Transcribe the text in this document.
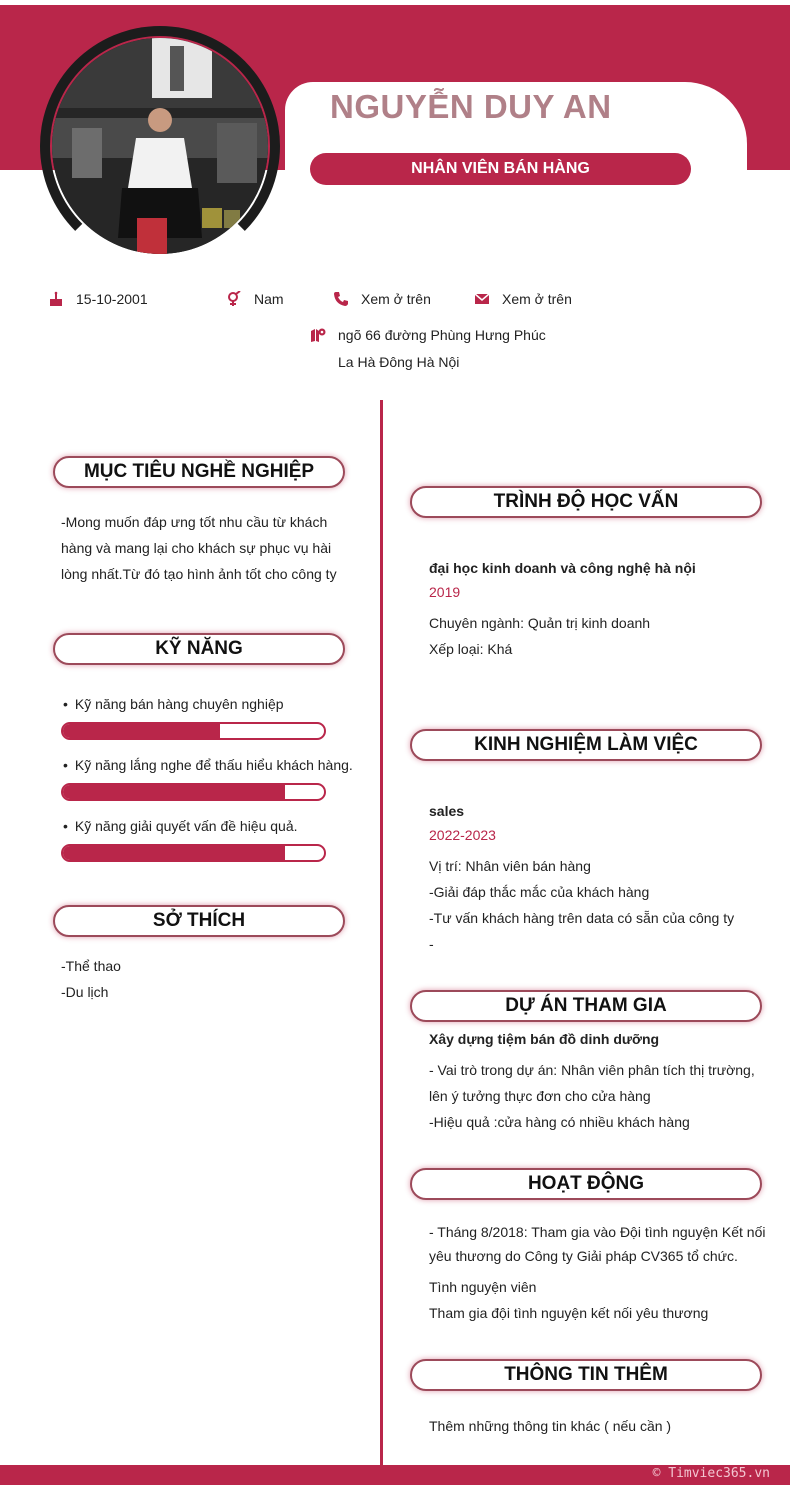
NGUYỄN DUY AN
NHÂN VIÊN BÁN HÀNG
15-10-2001	Nam	Xem ở trên	Xem ở trên
ngõ 66 đường Phùng Hưng Phúc
La Hà Đông Hà Nội
MỤC TIÊU NGHỀ NGHIỆP
-Mong muốn đáp ưng tốt nhu cầu từ khách
hàng và mang lại cho khách sự phục vụ hài
lòng nhất.Từ đó tạo hình ảnh tốt cho công ty
KỸ NĂNG
• Kỹ năng bán hàng chuyên nghiệp
• Kỹ năng lắng nghe để thấu hiểu khách hàng.
• Kỹ năng giải quyết vấn đề hiệu quả.
SỞ THÍCH
-Thể thao
-Du lịch
TRÌNH ĐỘ HỌC VẤN
đại học kinh doanh và công nghệ hà nội
2019
Chuyên ngành: Quản trị kinh doanh
Xếp loại: Khá
KINH NGHIỆM LÀM VIỆC
sales
2022-2023
Vị trí: Nhân viên bán hàng
-Giải đáp thắc mắc của khách hàng
-Tư vấn khách hàng trên data có sẵn của công ty
-
DỰ ÁN THAM GIA
Xây dựng tiệm bán đồ dinh dưỡng
- Vai trò trong dự án: Nhân viên phân tích thị trường,
lên ý tưởng thực đơn cho cửa hàng
-Hiệu quả :cửa hàng có nhiều khách hàng
HOẠT ĐỘNG
- Tháng 8/2018: Tham gia vào Đội tình nguyện Kết nối
yêu thương do Công ty Giải pháp CV365 tổ chức.
Tình nguyện viên
Tham gia đội tình nguyện kết nối yêu thương
THÔNG TIN THÊM
Thêm những thông tin khác ( nếu cần )
© Timviec365.vn
